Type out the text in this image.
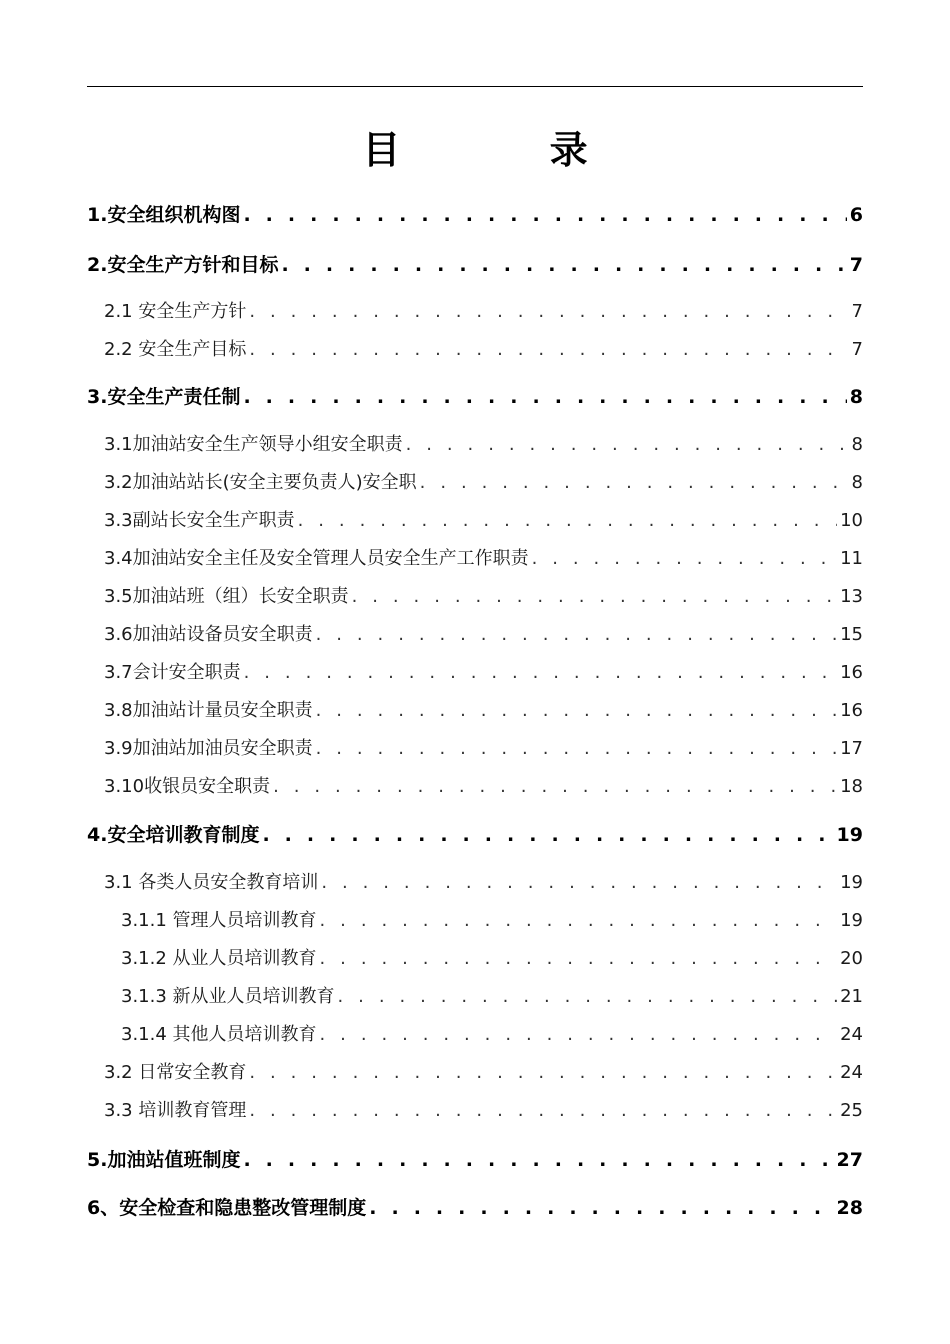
目 录
1.安全组织机构图 . . .	6
2.安全生产方针和目标 . . .	7
2.1 安全生产方针 . . .	7
2.2 安全生产目标 . . .	7
3.安全生产责任制 . . .	8
3.1加油站安全生产领导小组安全职责 . . .	8
3.2加油站站长(安全主要负责人)安全职 . . .	8
3.3副站长安全生产职责 . . .	10
3.4加油站安全主任及安全管理人员安全生产工作职责 . . .	11
3.5加油站班（组）长安全职责 . . .	13
3.6加油站设备员安全职责 . . .	15
3.7会计安全职责 . . .	16
3.8加油站计量员安全职责 . . .	16
3.9加油站加油员安全职责 . . .	17
3.10收银员安全职责 . . .	18
4.安全培训教育制度 . . .	19
3.1 各类人员安全教育培训 . . .	19
3.1.1 管理人员培训教育 . . .	19
3.1.2 从业人员培训教育 . . .	20
3.1.3 新从业人员培训教育 . . .	21
3.1.4 其他人员培训教育 . . .	24
3.2 日常安全教育 . . .	24
3.3 培训教育管理 . . .	25
5.加油站值班制度 . . .	27
6、安全检查和隐患整改管理制度 . . .	28
